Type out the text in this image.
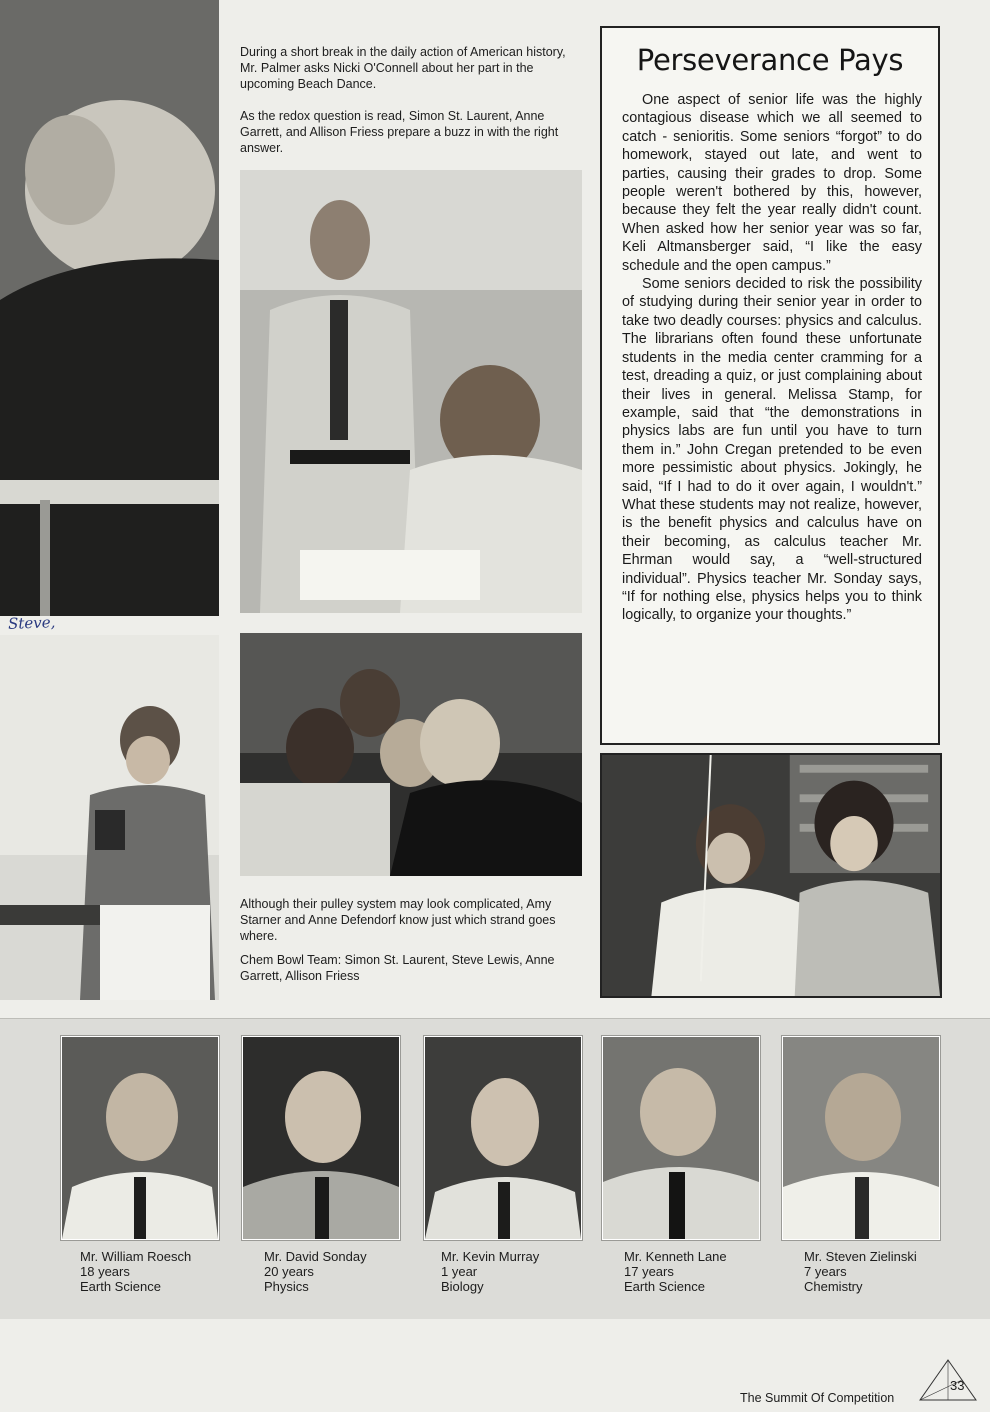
Steve,

During a short break in the daily action of American history, Mr. Palmer asks Nicki O'Connell about her part in the upcoming Beach Dance.

As the redox question is read, Simon St. Laurent, Anne Garrett, and Allison Friess prepare a buzz in with the right answer.

Although their pulley system may look complicated, Amy Starner and Anne Defendorf know just which strand goes where.

Chem Bowl Team: Simon St. Laurent, Steve Lewis, Anne Garrett, Allison Friess

Perseverance Pays

One aspect of senior life was the highly contagious disease which we all seemed to catch - senioritis. Some seniors “forgot” to do homework, stayed out late, and went to parties, causing their grades to drop. Some people weren't bothered by this, however, because they felt the year really didn't count. When asked how her senior year was so far, Keli Altmansberger said, “I like the easy schedule and the open campus.”

Some seniors decided to risk the possibility of studying during their senior year in order to take two deadly courses: physics and calculus. The librarians often found these unfortunate students in the media center cramming for a test, dreading a quiz, or just complaining about their lives in general. Melissa Stamp, for example, said that “the demonstrations in physics labs are fun until you have to turn them in.” John Cregan pretended to be even more pessimistic about physics. Jokingly, he said, “If I had to do it over again, I wouldn't.” What these students may not realize, however, is the benefit physics and calculus have on their becoming, as calculus teacher Mr. Ehrman would say, a “well-structured individual”. Physics teacher Mr. Sonday says, “If for nothing else, physics helps you to think logically, to organize your thoughts.”

Mr. William Roesch
18 years
Earth Science
Mr. David Sonday
20 years
Physics
Mr. Kevin Murray
1 year
Biology
Mr. Kenneth Lane
17 years
Earth Science
Mr. Steven Zielinski
7 years
Chemistry
The Summit Of Competition
33
